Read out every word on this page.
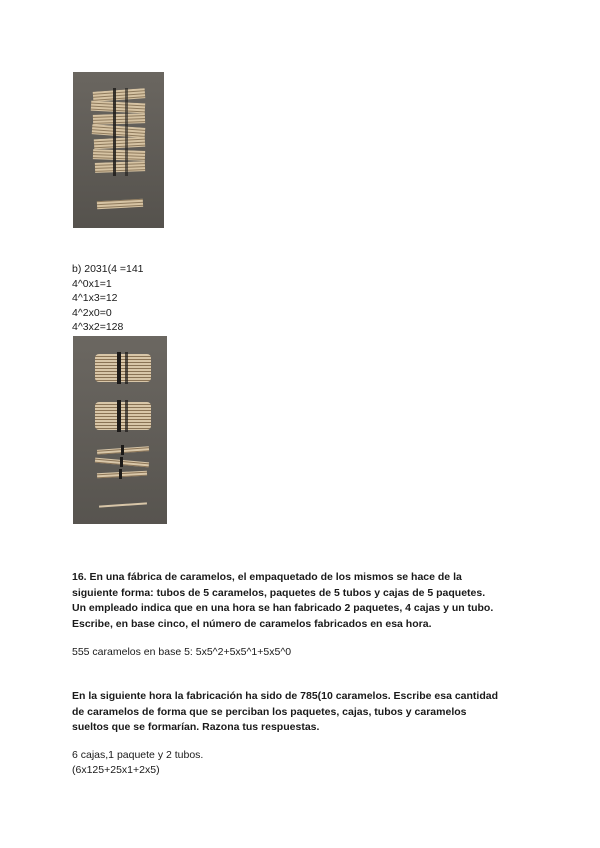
b) 2031(4 =141
4^0x1=1
4^1x3=12
4^2x0=0
4^3x2=128
16. En una fábrica de caramelos, el empaquetado de los mismos se hace de la
siguiente forma: tubos de 5 caramelos, paquetes de 5 tubos y cajas de 5 paquetes.
Un empleado indica que en una hora se han fabricado 2 paquetes, 4 cajas y un tubo.
Escribe, en base cinco, el número de caramelos fabricados en esa hora.
555 caramelos en base 5: 5x5^2+5x5^1+5x5^0
En la siguiente hora la fabricación ha sido de 785(10 caramelos. Escribe esa cantidad
de caramelos de forma que se perciban los paquetes, cajas, tubos y caramelos
sueltos que se formarían. Razona tus respuestas.
6 cajas,1 paquete y 2 tubos.
(6x125+25x1+2x5)
